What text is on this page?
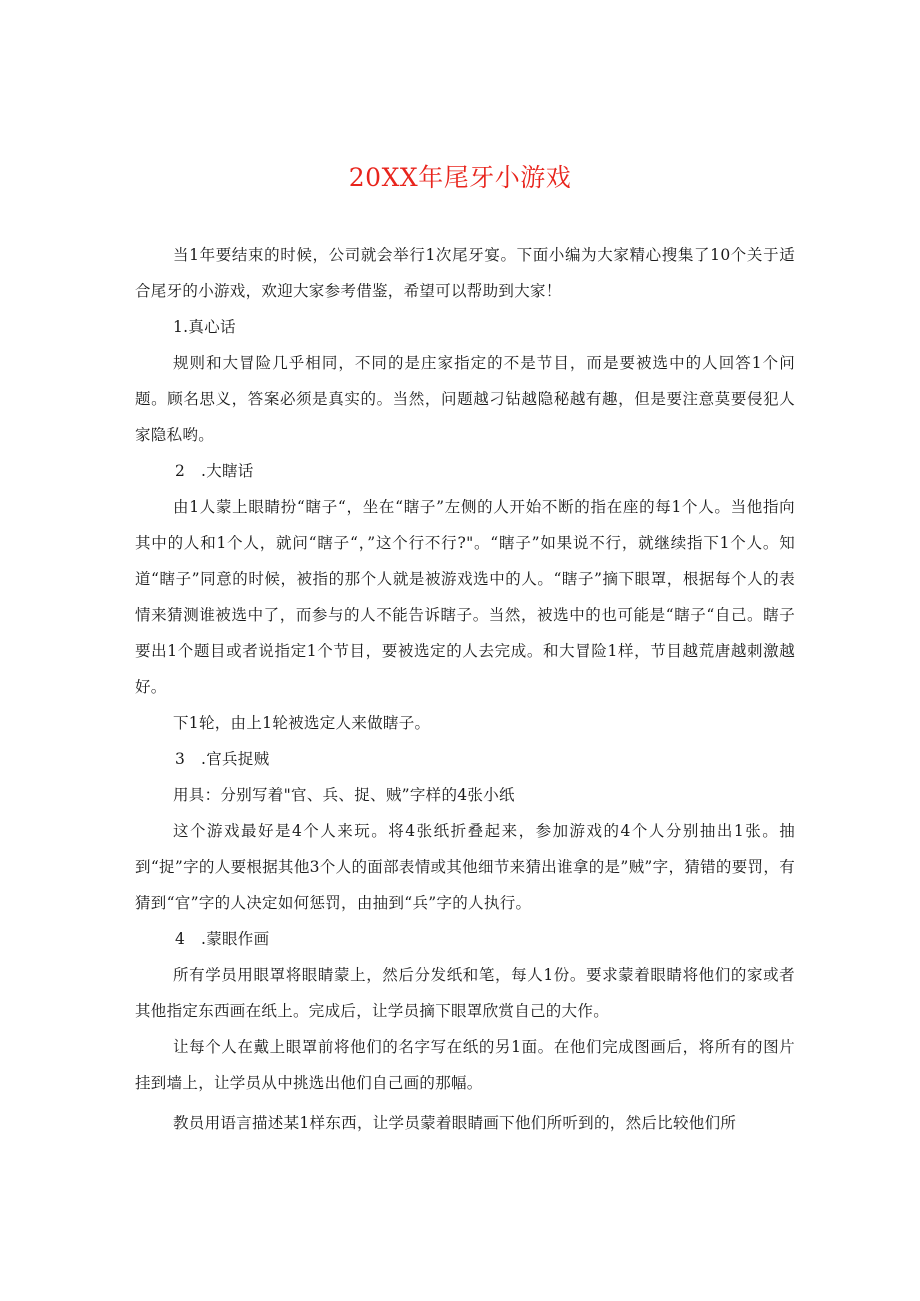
20XX年尾牙小游戏

当1年要结束的时候，公司就会举行1次尾牙宴。下面小编为大家精心搜集了10个关于适合尾牙的小游戏，欢迎大家参考借鉴，希望可以帮助到大家！

1.真心话

规则和大冒险几乎相同，不同的是庄家指定的不是节目，而是要被选中的人回答1个问题。顾名思义，答案必须是真实的。当然，问题越刁钻越隐秘越有趣，但是要注意莫要侵犯人家隐私哟。

2　.大瞎话

由1人蒙上眼睛扮“瞎子“，坐在“瞎子”左侧的人开始不断的指在座的每1个人。当他指向其中的人和1个人，就问“瞎子“，”这个行不行?"。“瞎子”如果说不行，就继续指下1个人。知道“瞎子”同意的时候，被指的那个人就是被游戏选中的人。“瞎子”摘下眼罩，根据每个人的表情来猜测谁被选中了，而参与的人不能告诉瞎子。当然，被选中的也可能是“瞎子“自己。瞎子要出1个题目或者说指定1个节目，要被选定的人去完成。和大冒险1样，节目越荒唐越刺激越好。

下1轮，由上1轮被选定人来做瞎子。

3　.官兵捉贼

用具：分别写着"官、兵、捉、贼”字样的4张小纸

这个游戏最好是4个人来玩。将4张纸折叠起来，参加游戏的4个人分别抽出1张。抽到“捉”字的人要根据其他3个人的面部表情或其他细节来猜出谁拿的是”贼”字，猜错的要罚，有猜到“官”字的人决定如何惩罚，由抽到“兵”字的人执行。

4　.蒙眼作画

所有学员用眼罩将眼睛蒙上，然后分发纸和笔，每人1份。要求蒙着眼睛将他们的家或者其他指定东西画在纸上。完成后，让学员摘下眼罩欣赏自己的大作。

让每个人在戴上眼罩前将他们的名字写在纸的另1面。在他们完成图画后，将所有的图片挂到墙上，让学员从中挑选出他们自己画的那幅。

教员用语言描述某1样东西，让学员蒙着眼睛画下他们所听到的，然后比较他们所
